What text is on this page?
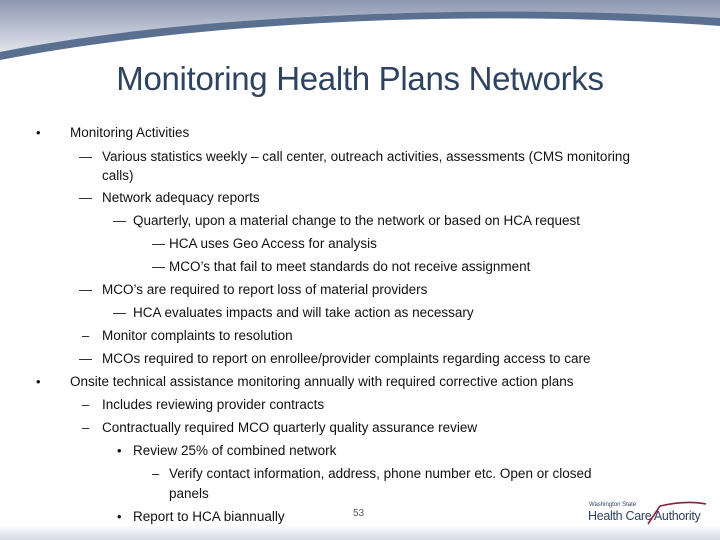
Monitoring Health Plans Networks
• Monitoring Activities
— Various statistics weekly – call center, outreach activities, assessments (CMS monitoring
calls)
— Network adequacy reports
— Quarterly, upon a material change to the network or based on HCA request
— HCA uses Geo Access for analysis
— MCO’s that fail to meet standards do not receive assignment
— MCO’s are required to report loss of material providers
— HCA evaluates impacts and will take action as necessary
– Monitor complaints to resolution
— MCOs required to report on enrollee/provider complaints regarding access to care
• Onsite technical assistance monitoring annually with required corrective action plans
– Includes reviewing provider contracts
– Contractually required MCO quarterly quality assurance review
• Review 25% of combined network
– Verify contact information, address, phone number etc. Open or closed
panels
• Report to HCA biannually	53
Washington State
Health Care Authority
